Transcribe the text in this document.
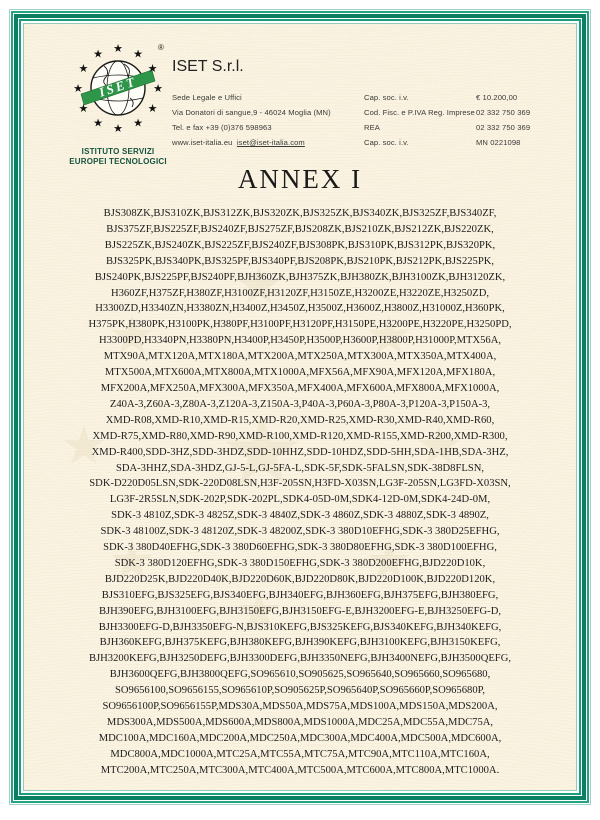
★
★
★
★
★
★
★
★
★
ISET ★
★
★
★
★
★
★
★
★ ★ ★
★
®
ISTITUTO SERVIZI
EUROPEI TECNOLOGICI
ISET S.r.l.
Sede Legale e Uffici	Cap. soc. i.v.	€ 10.200,00
Via Donatori di sangue,9 - 46024 Moglia (MN)	Cod. Fisc. e P.IVA Reg. Imprese 02 332 750 369
Tel. e fax +39 (0)376 598963	REA	02 332 750 369
www.iset-italia.eu iset@iset-italia.com	Cap. soc. i.v.	MN 0221098
ANNEX I
BJS308ZK,BJS310ZK,BJS312ZK,BJS320ZK,BJS325ZK,BJS340ZK,BJS325ZF,BJS340ZF,
BJS375ZF,BJS225ZF,BJS240ZF,BJS275ZF,BJS208ZK,BJS210ZK,BJS212ZK,BJS220ZK,
BJS225ZK,BJS240ZK,BJS225ZF,BJS240ZF,BJS308PK,BJS310PK,BJS312PK,BJS320PK,
BJS325PK,BJS340PK,BJS325PF,BJS340PF,BJS208PK,BJS210PK,BJS212PK,BJS225PK,
BJS240PK,BJS225PF,BJS240PF,BJH360ZK,BJH375ZK,BJH380ZK,BJH3100ZK,BJH3120ZK,
H360ZF,H375ZF,H380ZF,H3100ZF,H3120ZF,H3150ZE,H3200ZE,H3220ZE,H3250ZD,
H3300ZD,H3340ZN,H3380ZN,H3400Z,H3450Z,H3500Z,H3600Z,H3800Z,H31000Z,H360PK,
H375PK,H380PK,H3100PK,H380PF,H3100PF,H3120PF,H3150PE,H3200PE,H3220PE,H3250PD,
H3300PD,H3340PN,H3380PN,H3400P,H3450P,H3500P,H3600P,H3800P,H31000P,MTX56A,
MTX90A,MTX120A,MTX180A,MTX200A,MTX250A,MTX300A,MTX350A,MTX400A,
MTX500A,MTX600A,MTX800A,MTX1000A,MFX56A,MFX90A,MFX120A,MFX180A,
MFX200A,MFX250A,MFX300A,MFX350A,MFX400A,MFX600A,MFX800A,MFX1000A,
Z40A-3,Z60A-3,Z80A-3,Z120A-3,Z150A-3,P40A-3,P60A-3,P80A-3,P120A-3,P150A-3,
XMD-R08,XMD-R10,XMD-R15,XMD-R20,XMD-R25,XMD-R30,XMD-R40,XMD-R60,
XMD-R75,XMD-R80,XMD-R90,XMD-R100,XMD-R120,XMD-R155,XMD-R200,XMD-R300,
XMD-R400,SDD-3HZ,SDD-3HDZ,SDD-10HHZ,SDD-10HDZ,SDD-5HH,SDA-1HB,SDA-3HZ,
SDA-3HHZ,SDA-3HDZ,GJ-5-L,GJ-5FA-L,SDK-5F,SDK-5FALSN,SDK-38D8FLSN,
SDK-D220D05LSN,SDK-220D08LSN,H3F-205SN,H3FD-X03SN,LG3F-205SN,LG3FD-X03SN,
LG3F-2R5SLN,SDK-202P,SDK-202PL,SDK4-05D-0M,SDK4-12D-0M,SDK4-24D-0M,
SDK-3 4810Z,SDK-3 4825Z,SDK-3 4840Z,SDK-3 4860Z,SDK-3 4880Z,SDK-3 4890Z,
SDK-3 48100Z,SDK-3 48120Z,SDK-3 48200Z,SDK-3 380D10EFHG,SDK-3 380D25EFHG,
SDK-3 380D40EFHG,SDK-3 380D60EFHG,SDK-3 380D80EFHG,SDK-3 380D100EFHG,
SDK-3 380D120EFHG,SDK-3 380D150EFHG,SDK-3 380D200EFHG,BJD220D10K,
BJD220D25K,BJD220D40K,BJD220D60K,BJD220D80K,BJD220D100K,BJD220D120K,
BJS310EFG,BJS325EFG,BJS340EFG,BJH340EFG,BJH360EFG,BJH375EFG,BJH380EFG,
BJH390EFG,BJH3100EFG,BJH3150EFG,BJH3150EFG-E,BJH3200EFG-E,BJH3250EFG-D,
BJH3300EFG-D,BJH3350EFG-N,BJS310KEFG,BJS325KEFG,BJS340KEFG,BJH340KEFG,
BJH360KEFG,BJH375KEFG,BJH380KEFG,BJH390KEFG,BJH3100KEFG,BJH3150KEFG,
BJH3200KEFG,BJH3250DEFG,BJH3300DEFG,BJH3350NEFG,BJH3400NEFG,BJH3500QEFG,
BJH3600QEFG,BJH3800QEFG,SO965610,SO905625,SO965640,SO965660,SO965680,
SO9656100,SO9656155,SO965610P,SO905625P,SO965640P,SO965660P,SO965680P,
SO9656100P,SO9656155P,MDS30A,MDS50A,MDS75A,MDS100A,MDS150A,MDS200A,
MDS300A,MDS500A,MDS600A,MDS800A,MDS1000A,MDC25A,MDC55A,MDC75A,
MDC100A,MDC160A,MDC200A,MDC250A,MDC300A,MDC400A,MDC500A,MDC600A,
MDC800A,MDC1000A,MTC25A,MTC55A,MTC75A,MTC90A,MTC110A,MTC160A,
MTC200A,MTC250A,MTC300A,MTC400A,MTC500A,MTC600A,MTC800A,MTC1000A.
